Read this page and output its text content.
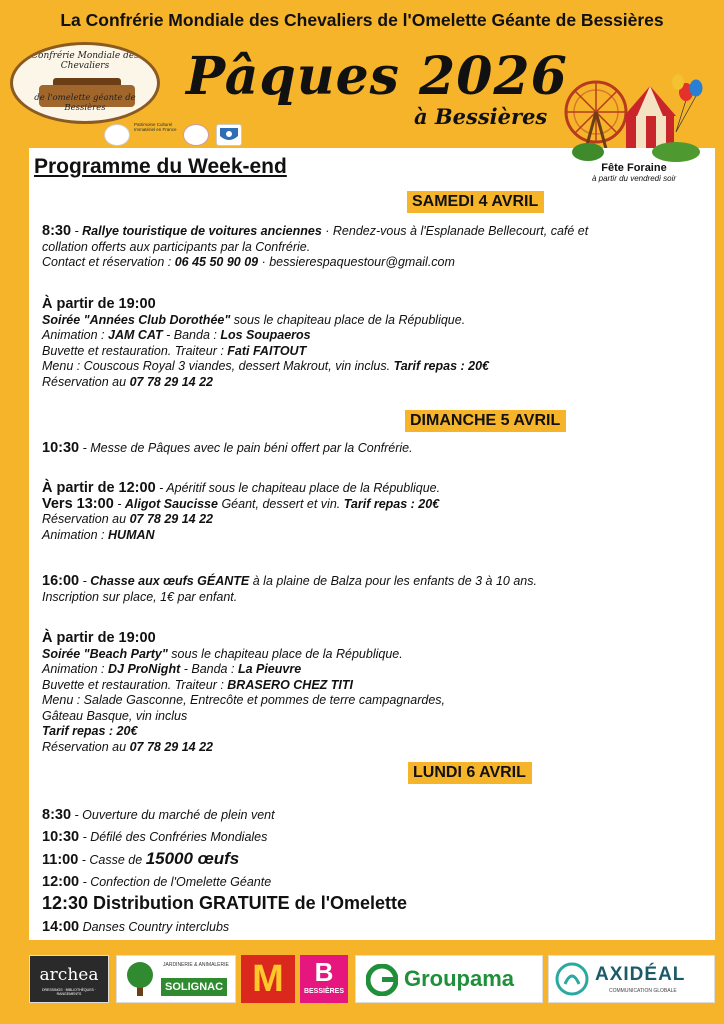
La Confrérie Mondiale des Chevaliers de l'Omelette Géante de Bessières
Confrérie Mondiale des Chevaliers
de l'omelette géante de Bessières
Patrimoine Culturel Immatériel en France
Pâques 2026
à Bessières
Programme du Week-end	Fête Foraine
à partir du vendredi soir
SAMEDI 4 AVRIL
8:30 - Rallye touristique de voitures anciennes · Rendez-vous à l'Esplanade Bellecourt, café et
collation offerts aux participants par la Confrérie.
Contact et réservation : 06 45 50 90 09 · bessierespaquestour@gmail.com
À partir de 19:00
Soirée "Années Club Dorothée" sous le chapiteau place de la République.
Animation : JAM CAT - Banda : Los Soupaeros
Buvette et restauration. Traiteur : Fati FAITOUT
Menu : Couscous Royal 3 viandes, dessert Makrout, vin inclus. Tarif repas : 20€
Réservation au 07 78 29 14 22
DIMANCHE 5 AVRIL
10:30 - Messe de Pâques avec le pain béni offert par la Confrérie.
À partir de 12:00 - Apéritif sous le chapiteau place de la République.
Vers 13:00 - Aligot Saucisse Géant, dessert et vin. Tarif repas : 20€
Réservation au 07 78 29 14 22
Animation : HUMAN
16:00 - Chasse aux œufs GÉANTE à la plaine de Balza pour les enfants de 3 à 10 ans.
Inscription sur place, 1€ par enfant.
À partir de 19:00
Soirée "Beach Party" sous le chapiteau place de la République.
Animation : DJ ProNight - Banda : La Pieuvre
Buvette et restauration. Traiteur : BRASERO CHEZ TITI
Menu : Salade Gasconne, Entrecôte et pommes de terre campagnardes,
Gâteau Basque, vin inclus
Tarif repas : 20€
Réservation au 07 78 29 14 22
LUNDI 6 AVRIL
8:30 - Ouverture du marché de plein vent
10:30 - Défilé des Confréries Mondiales
11:00 - Casse de 15000 œufs
12:00 - Confection de l'Omelette Géante
12:30 Distribution GRATUITE de l'Omelette
14:00 Danses Country interclubs
archea
DRESSINGS · BIBLIOTHÈQUES · RANGEMENTS
JARDINERIE & ANIMALERIE
SOLIGNAC M	B
BESSIÈRES
Groupama	AXIDÉAL
COMMUNICATION GLOBALE
